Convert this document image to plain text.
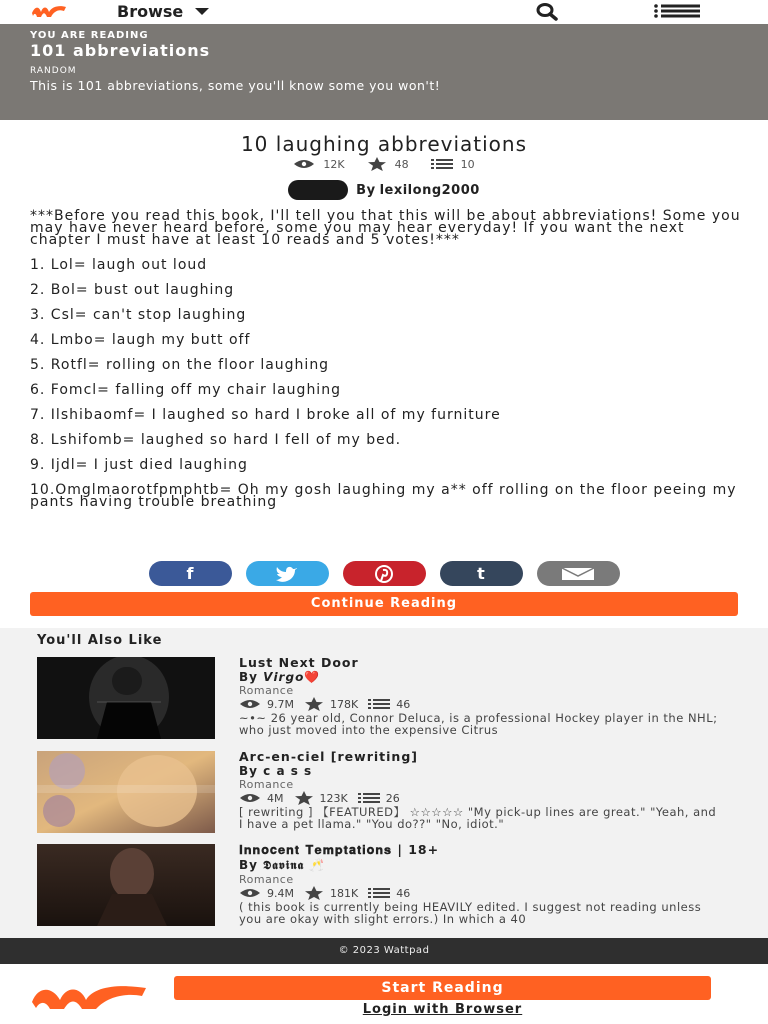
Browse
YOU ARE READING
101 abbreviations
RANDOM
This is 101 abbreviations, some you'll know some you won't!
10 laughing abbreviations
12K	48	10
By lexilong2000

***Before you read this book, I'll tell you that this will be about abbreviations! Some you may have never heard before, some you may hear everyday! If you want the next chapter I must have at least 10 reads and 5 votes!***

1. Lol= laugh out loud

2. Bol= bust out laughing

3. Csl= can't stop laughing

4. Lmbo= laugh my butt off

5. Rotfl= rolling on the floor laughing

6. Fomcl= falling off my chair laughing

7. Ilshibaomf= I laughed so hard I broke all of my furniture

8. Lshifomb= laughed so hard I fell of my bed.

9. Ijdl= I just died laughing

10.Omglmaorotfpmphtb= Oh my gosh laughing my a** off rolling on the floor peeing my pants having trouble breathing

f	t
Continue Reading
You'll Also Like
Lust Next Door
By 𝙑𝙞𝙧𝙜𝙤❤️
Romance
9.7M	178K	46
~•~ 26 year old, Connor Deluca, is a professional Hockey player in the NHL; who just moved into the expensive Citrus
Arc-en-ciel [rewriting]
By 𝗰 𝗮 𝘀 𝘀
Romance
4M	123K	26
[ rewriting ] 【FEATURED】 ☆☆☆☆☆ "My pick-up lines are great." "Yeah, and I have a pet llama." "You do??" "No, idiot."
𝐈𝐧𝐧𝐨𝐜𝐞𝐧𝐭 𝐓𝐞𝐦𝐩𝐭𝐚𝐭𝐢𝐨𝐧𝐬 | 18+
By 𝕯𝖆𝖛𝖎𝖓𝖆 🥂
Romance
9.4M	181K	46
( this book is currently being HEAVILY edited. I suggest not reading unless you are okay with slight errors.) In which a 40
© 2023 Wattpad
Start Reading
Login with Browser
